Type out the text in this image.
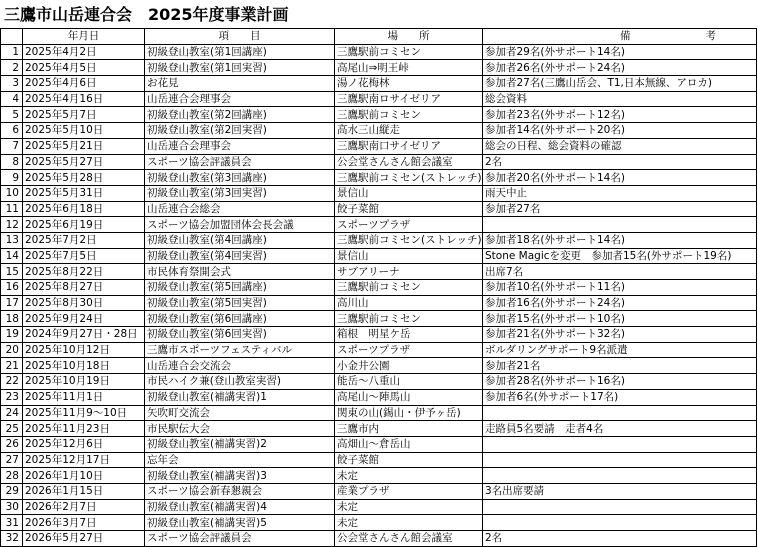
三鷹市山岳連合会　2025年度事業計画
	年月日	項　　目	場　　所	備　　考
1	2025年4月2日	初級登山教室(第1回講座)	三鷹駅前コミセン	参加者29名(外サポート14名)
2	2025年4月5日	初級登山教室(第1回実習)	高尾山⇒明王峠	参加者26名(外サポート24名)
3	2025年4月6日	お花見	湯ノ花梅林	参加者27名(三鷹山岳会、T1,日本無線、アロカ)
4	2025年4月16日	山岳連合会理事会	三鷹駅南ロサイゼリア	総会資料
5	2025年5月7日	初級登山教室(第2回講座)	三鷹駅前コミセン	参加者23名(外サポート12名)
6	2025年5月10日	初級登山教室(第2回実習)	高水三山縦走	参加者14名(外サポート20名)
7	2025年5月21日	山岳連合会理事会	三鷹駅南口サイゼリア	総会の日程、総会資料の確認
8	2025年5月27日	スポーツ協会評議員会	公会堂さんさん館会議室	2名
9	2025年5月28日	初級登山教室(第3回講座)	三鷹駅前コミセン(ストレッチ)	参加者20名(外サポート14名)
10	2025年5月31日	初級登山教室(第3回実習)	景信山	雨天中止
11	2025年6月18日	山岳連合会総会	餃子菜館	参加者27名
12	2025年6月19日	スポーツ協会加盟団体会長会議	スポーツプラザ	
13	2025年7月2日	初級登山教室(第4回講座)	三鷹駅前コミセン(ストレッチ)	参加者18名(外サポート14名)
14	2025年7月5日	初級登山教室(第4回実習)	景信山	Stone Magicを変更　参加者15名(外サポート19名)
15	2025年8月22日	市民体育祭開会式	サブアリーナ	出席7名
16	2025年8月27日	初級登山教室(第5回講座)	三鷹駅前コミセン	参加者10名(外サポート11名)
17	2025年8月30日	初級登山教室(第5回実習)	高川山	参加者16名(外サポート24名)
18	2025年9月24日	初級登山教室(第6回講座)	三鷹駅前コミセン	参加者15名(外サポート10名)
19	2024年9月27日・28日	初級登山教室(第6回実習)	箱根　明星ケ岳	参加者21名(外サポート32名)
20	2025年10月12日	三鷹市スポーツフェスティバル	スポーツプラザ	ボルダリングサポート9名派遣
21	2025年10月18日	山岳連合会交流会	小金井公園	参加者21名
22	2025年10月19日	市民ハイク兼(登山教室実習)	能岳～八重山	参加者28名(外サポート16名)
23	2025年11月1日	初級登山教室(補講実習)1	高尾山～陣馬山	参加者6名(外サポート17名)
24	2025年11月9～10日	矢吹町交流会	関東の山(錫山・伊予ヶ岳)	
25	2025年11月23日	市民駅伝大会	三鷹市内	走路員5名要請　走者4名
26	2025年12月6日	初級登山教室(補講実習)2	高畑山～倉岳山	
27	2025年12月17日	忘年会	餃子菜館	
28	2026年1月10日	初級登山教室(補講実習)3	未定	
29	2026年1月15日	スポーツ協会新春懇親会	産業プラザ	3名出席要請
30	2026年2月7日	初級登山教室(補講実習)4	未定	
31	2026年3月7日	初級登山教室(補講実習)5	未定	
32	2026年5月27日	スポーツ協会評議員会	公会堂さんさん館会議室	2名
